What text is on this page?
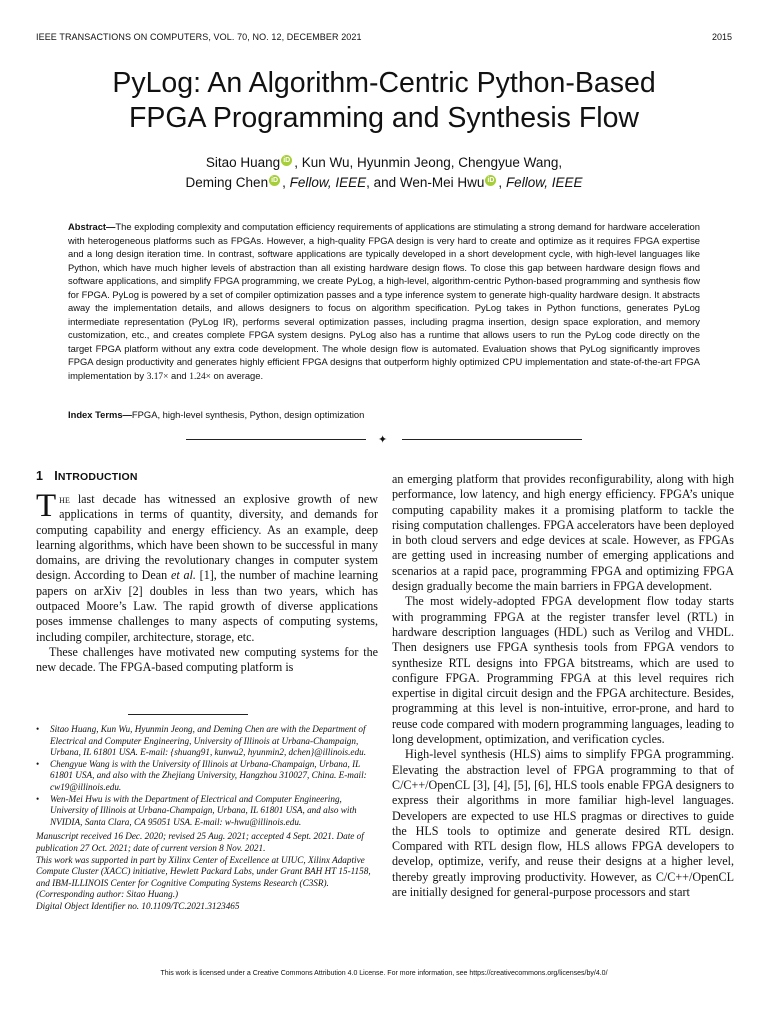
IEEE TRANSACTIONS ON COMPUTERS, VOL. 70, NO. 12, DECEMBER 2021	2015
PyLog: An Algorithm-Centric Python-Based
FPGA Programming and Synthesis Flow
Sitao Huang iD , Kun Wu, Hyunmin Jeong, Chengyue Wang,
Deming Chen iD , Fellow, IEEE, and Wen-Mei Hwu iD , Fellow, IEEE
Abstract—The exploding complexity and computation efficiency requirements of applications are stimulating a strong demand for hardware acceleration with heterogeneous platforms such as FPGAs. However, a high-quality FPGA design is very hard to create and optimize as it requires FPGA expertise and a long design iteration time. In contrast, software applications are typically developed in a short development cycle, with high-level languages like Python, which have much higher levels of abstraction than all existing hardware design flows. To close this gap between hardware design flows and software applications, and simplify FPGA programming, we create PyLog, a high-level, algorithm-centric Python-based programming and synthesis flow for FPGA. PyLog is powered by a set of compiler optimization passes and a type inference system to generate high-quality hardware design. It abstracts away the implementation details, and allows designers to focus on algorithm specification. PyLog takes in Python functions, generates PyLog intermediate representation (PyLog IR), performs several optimization passes, including pragma insertion, design space exploration, and memory customization, etc., and creates complete FPGA system designs. PyLog also has a runtime that allows users to run the PyLog code directly on the target FPGA platform without any extra code development. The whole design flow is automated. Evaluation shows that PyLog significantly improves FPGA design productivity and generates highly efficient FPGA designs that outperform highly optimized CPU implementation and state-of-the-art FPGA implementation by 3.17× and 1.24× on average.
Index Terms—FPGA, high-level synthesis, Python, design optimization
✦
1 INTRODUCTION

The last decade has witnessed an explosive growth of new applications in terms of quantity, diversity, and demands for computing capability and energy efficiency. As an example, deep learning algorithms, which have been shown to be successful in many domains, are driving the revolutionary changes in computer system design. According to Dean et al. [1], the number of machine learning papers on arXiv [2] doubles in less than two years, which has outpaced Moore’s Law. The rapid growth of diverse applications poses immense challenges to many aspects of computing systems, including compiler, architecture, storage, etc.

These challenges have motivated new computing systems for the new decade. The FPGA-based computing platform is

• Sitao Huang, Kun Wu, Hyunmin Jeong, and Deming Chen are with the Department of Electrical and Computer Engineering, University of Illinois at Urbana-Champaign, Urbana, IL 61801 USA. E-mail: {shuang91, kunwu2, hyunmin2, dchen}@illinois.edu.
• Chengyue Wang is with the University of Illinois at Urbana-Champaign, Urbana, IL 61801 USA, and also with the Zhejiang University, Hangzhou 310027, China. E-mail: cw19@illinois.edu.
• Wen-Mei Hwu is with the Department of Electrical and Computer Engineering, University of Illinois at Urbana-Champaign, Urbana, IL 61801 USA, and also with NVIDIA, Santa Clara, CA 95051 USA. E-mail: w-hwu@illinois.edu.
Manuscript received 16 Dec. 2020; revised 25 Aug. 2021; accepted 4 Sept. 2021. Date of publication 27 Oct. 2021; date of current version 8 Nov. 2021.
This work was supported in part by Xilinx Center of Excellence at UIUC, Xilinx Adaptive Compute Cluster (XACC) initiative, Hewlett Packard Labs, under Grant BAH HT 15-1158, and IBM-ILLINOIS Center for Cognitive Computing Systems Research (C3SR).
(Corresponding author: Sitao Huang.)
Digital Object Identifier no. 10.1109/TC.2021.3123465

an emerging platform that provides reconfigurability, along with high performance, low latency, and high energy efficiency. FPGA’s unique computing capability makes it a promising platform to tackle the rising computation challenges. FPGA accelerators have been deployed in both cloud servers and edge devices at scale. However, as FPGAs are getting used in increasing number of emerging applications and scenarios at a rapid pace, programming FPGA and optimizing FPGA design gradually become the main barriers in FPGA development.

The most widely-adopted FPGA development flow today starts with programming FPGA at the register transfer level (RTL) in hardware description languages (HDL) such as Verilog and VHDL. Then designers use FPGA synthesis tools from FPGA vendors to synthesize RTL designs into FPGA bitstreams, which are used to configure FPGA. Programming FPGA at this level requires rich expertise in digital circuit design and the FPGA architecture. Besides, programming at this level is non-intuitive, error-prone, and hard to reuse code compared with modern programming languages, leading to long development, optimization, and verification cycles.

High-level synthesis (HLS) aims to simplify FPGA programming. Elevating the abstraction level of FPGA programming to that of C/C++/OpenCL [3], [4], [5], [6], HLS tools enable FPGA designers to express their algorithms in more familiar high-level languages. Developers are expected to use HLS pragmas or directives to guide the HLS tools to optimize and generate desired RTL design. Compared with RTL design flow, HLS allows FPGA developers to develop, optimize, verify, and reuse their designs at a higher level, thereby greatly improving productivity. However, as C/C++/OpenCL are initially designed for general-purpose processors and start

This work is licensed under a Creative Commons Attribution 4.0 License. For more information, see https://creativecommons.org/licenses/by/4.0/
